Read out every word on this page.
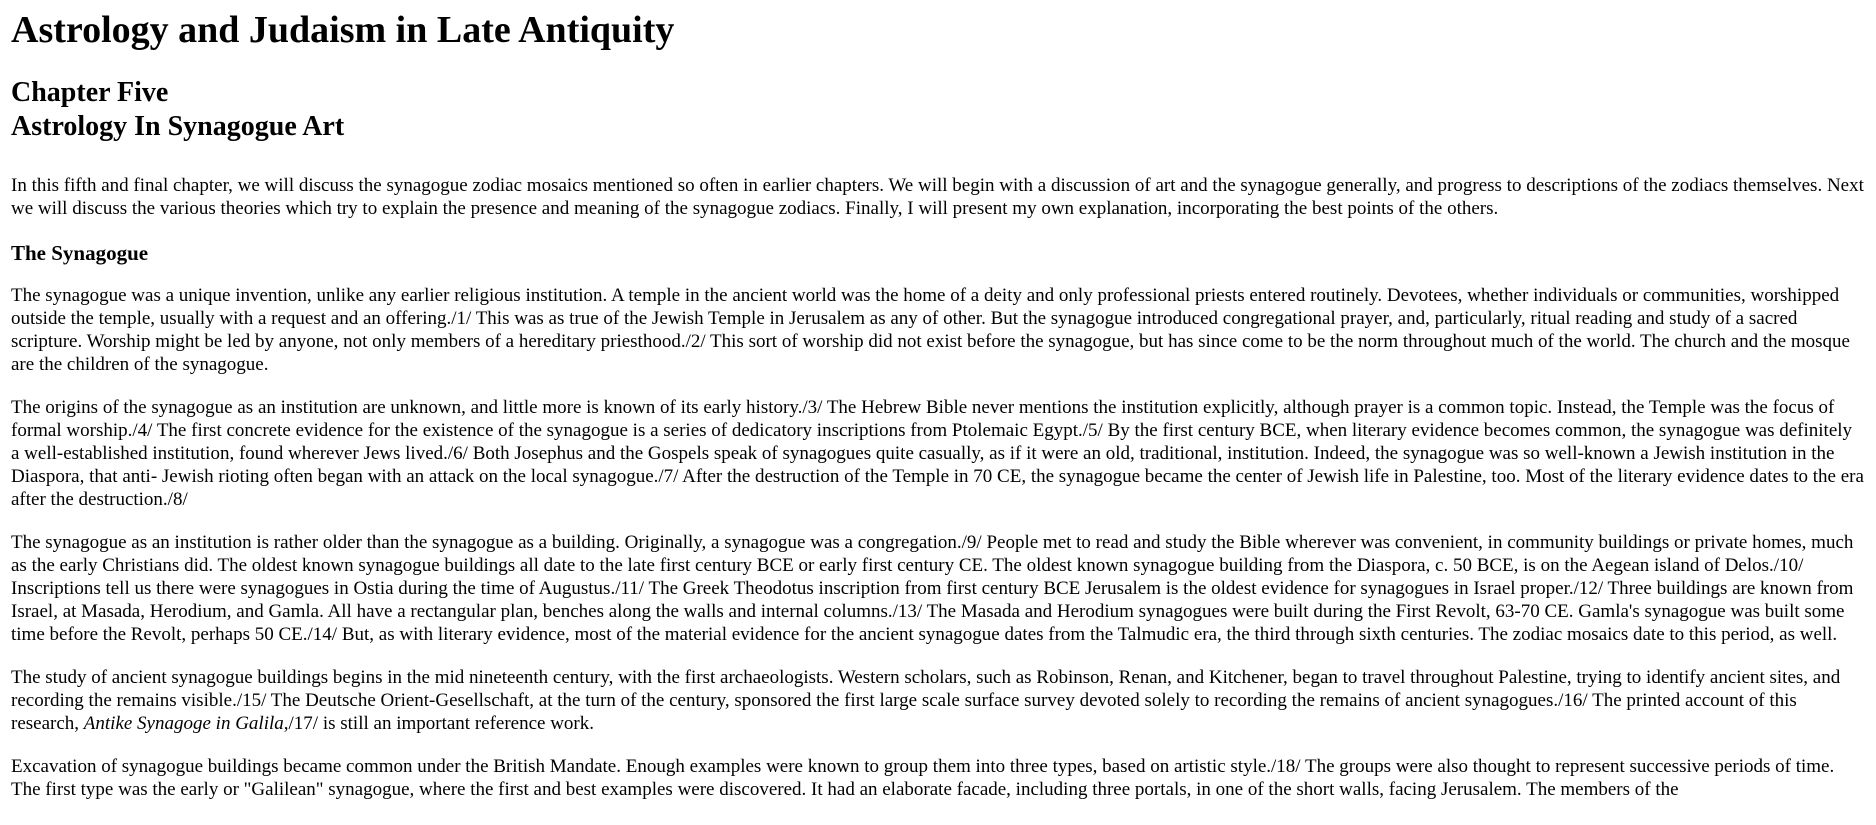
Astrology and Judaism in Late Antiquity
Chapter Five
Astrology In Synagogue Art

In this fifth and final chapter, we will discuss the synagogue zodiac mosaics mentioned so often in earlier chapters. We will begin with a discussion of art and the synagogue generally, and progress to descriptions of the zodiacs themselves. Next we will discuss the various theories which try to explain the presence and meaning of the synagogue zodiacs. Finally, I will present my own explanation, incorporating the best points of the others.

The Synagogue

The synagogue was a unique invention, unlike any earlier religious institution. A temple in the ancient world was the home of a deity and only professional priests entered routinely. Devotees, whether individuals or communities, worshipped outside the temple, usually with a request and an offering./1/ This was as true of the Jewish Temple in Jerusalem as any of other. But the synagogue introduced congregational prayer, and, particularly, ritual reading and study of a sacred scripture. Worship might be led by anyone, not only members of a hereditary priesthood./2/ This sort of worship did not exist before the synagogue, but has since come to be the norm throughout much of the world. The church and the mosque are the children of the synagogue.

The origins of the synagogue as an institution are unknown, and little more is known of its early history./3/ The Hebrew Bible never mentions the institution explicitly, although prayer is a common topic. Instead, the Temple was the focus of formal worship./4/ The first concrete evidence for the existence of the synagogue is a series of dedicatory inscriptions from Ptolemaic Egypt./5/ By the first century BCE, when literary evidence becomes common, the synagogue was definitely a well-established institution, found wherever Jews lived./6/ Both Josephus and the Gospels speak of synagogues quite casually, as if it were an old, traditional, institution. Indeed, the synagogue was so well-known a Jewish institution in the Diaspora, that anti- Jewish rioting often began with an attack on the local synagogue./7/ After the destruction of the Temple in 70 CE, the synagogue became the center of Jewish life in Palestine, too. Most of the literary evidence dates to the era after the destruction./8/

The synagogue as an institution is rather older than the synagogue as a building. Originally, a synagogue was a congregation./9/ People met to read and study the Bible wherever was convenient, in community buildings or private homes, much as the early Christians did. The oldest known synagogue buildings all date to the late first century BCE or early first century CE. The oldest known synagogue building from the Diaspora, c. 50 BCE, is on the Aegean island of Delos./10/ Inscriptions tell us there were synagogues in Ostia during the time of Augustus./11/ The Greek Theodotus inscription from first century BCE Jerusalem is the oldest evidence for synagogues in Israel proper./12/ Three buildings are known from Israel, at Masada, Herodium, and Gamla. All have a rectangular plan, benches along the walls and internal columns./13/ The Masada and Herodium synagogues were built during the First Revolt, 63-70 CE. Gamla's synagogue was built some time before the Revolt, perhaps 50 CE./14/ But, as with literary evidence, most of the material evidence for the ancient synagogue dates from the Talmudic era, the third through sixth centuries. The zodiac mosaics date to this period, as well.

The study of ancient synagogue buildings begins in the mid nineteenth century, with the first archaeologists. Western scholars, such as Robinson, Renan, and Kitchener, began to travel throughout Palestine, trying to identify ancient sites, and recording the remains visible./15/ The Deutsche Orient-Gesellschaft, at the turn of the century, sponsored the first large scale surface survey devoted solely to recording the remains of ancient synagogues./16/ The printed account of this research, Antike Synagoge in Galila,/17/ is still an important reference work.

Excavation of synagogue buildings became common under the British Mandate. Enough examples were known to group them into three types, based on artistic style./18/ The groups were also thought to represent successive periods of time. The first type was the early or "Galilean" synagogue, where the first and best examples were discovered. It had an elaborate facade, including three portals, in one of the short walls, facing Jerusalem. The members of the
